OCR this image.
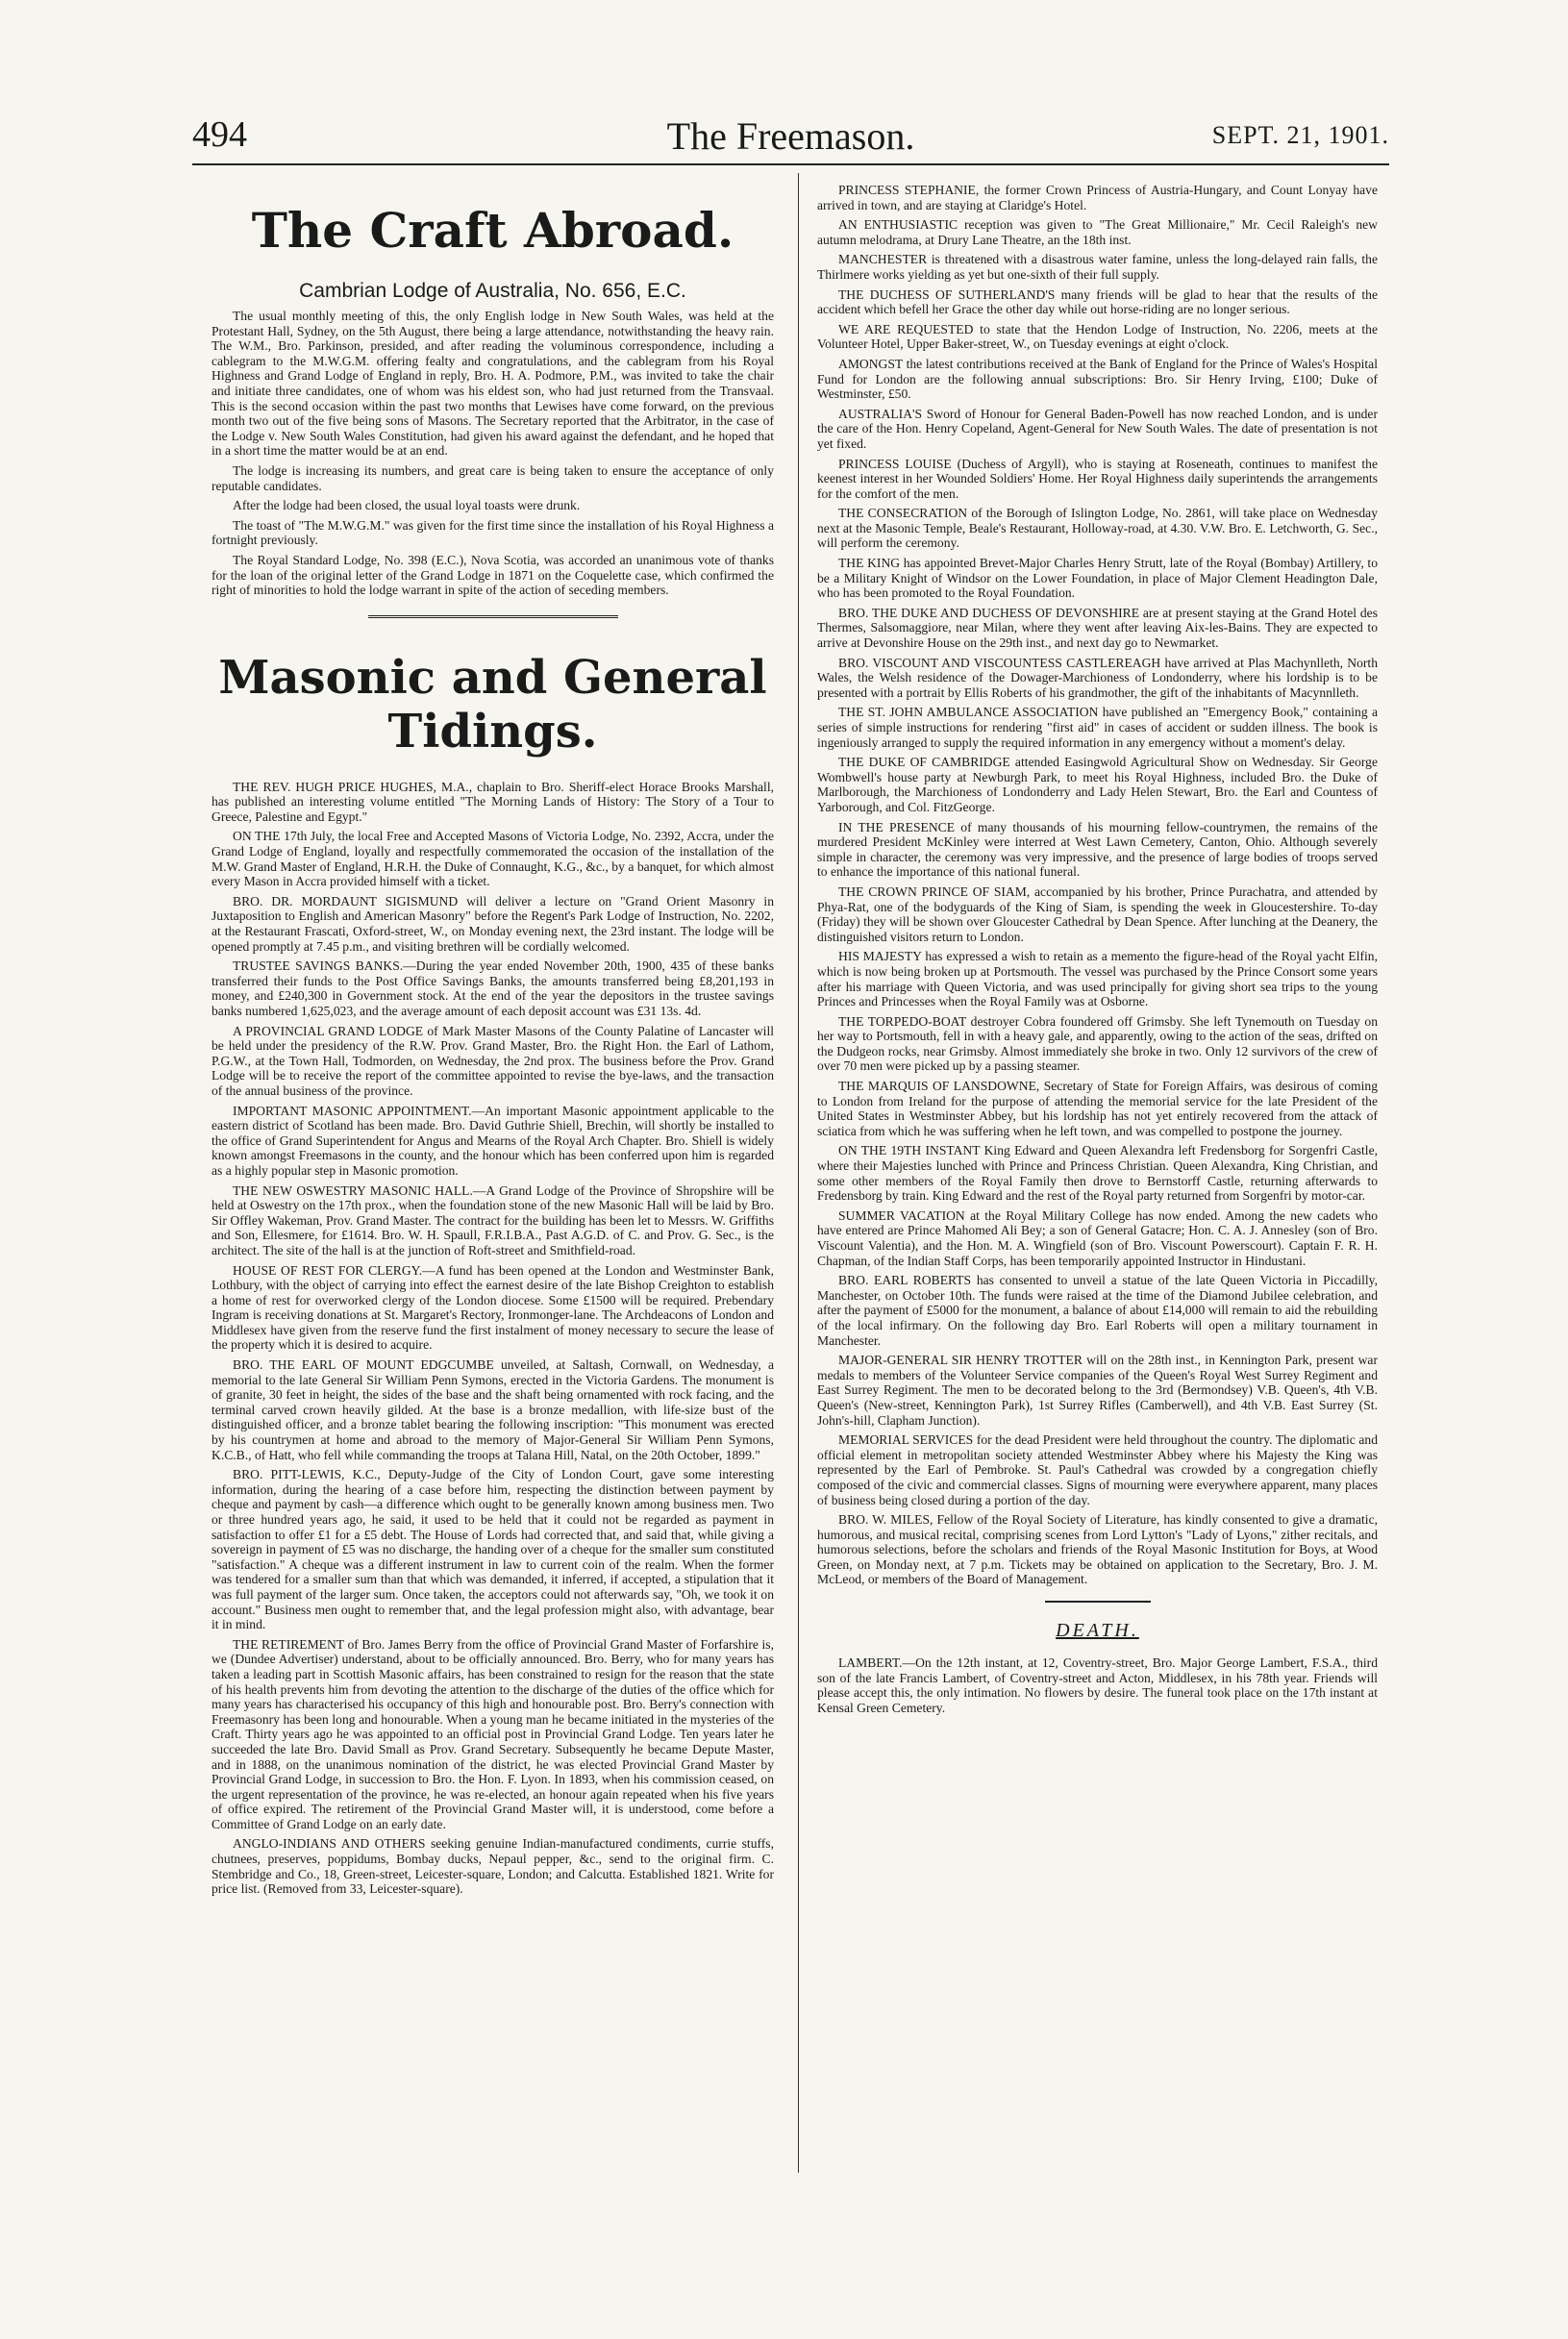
494	The Freemason.	SEPT. 21, 1901.
The Craft Abroad.
Cambrian Lodge of Australia, No. 656, E.C.

The usual monthly meeting of this, the only English lodge in New South Wales, was held at the Protestant Hall, Sydney, on the 5th August, there being a large attendance, notwithstanding the heavy rain. The W.M., Bro. Parkinson, presided, and after reading the voluminous correspondence, including a cablegram to the M.W.G.M. offering fealty and congratulations, and the cablegram from his Royal Highness and Grand Lodge of England in reply, Bro. H. A. Podmore, P.M., was invited to take the chair and initiate three candidates, one of whom was his eldest son, who had just returned from the Transvaal. This is the second occasion within the past two months that Lewises have come forward, on the previous month two out of the five being sons of Masons. The Secretary reported that the Arbitrator, in the case of the Lodge v. New South Wales Constitution, had given his award against the defendant, and he hoped that in a short time the matter would be at an end.

The lodge is increasing its numbers, and great care is being taken to ensure the acceptance of only reputable candidates.

After the lodge had been closed, the usual loyal toasts were drunk.

The toast of "The M.W.G.M." was given for the first time since the installation of his Royal Highness a fortnight previously.

The Royal Standard Lodge, No. 398 (E.C.), Nova Scotia, was accorded an unanimous vote of thanks for the loan of the original letter of the Grand Lodge in 1871 on the Coquelette case, which confirmed the right of minorities to hold the lodge warrant in spite of the action of seceding members.

Masonic and General Tidings.

THE REV. HUGH PRICE HUGHES, M.A., chaplain to Bro. Sheriff-elect Horace Brooks Marshall, has published an interesting volume entitled "The Morning Lands of History: The Story of a Tour to Greece, Palestine and Egypt."

ON THE 17th July, the local Free and Accepted Masons of Victoria Lodge, No. 2392, Accra, under the Grand Lodge of England, loyally and respectfully commemorated the occasion of the installation of the M.W. Grand Master of England, H.R.H. the Duke of Connaught, K.G., &c., by a banquet, for which almost every Mason in Accra provided himself with a ticket.

BRO. DR. MORDAUNT SIGISMUND will deliver a lecture on "Grand Orient Masonry in Juxtaposition to English and American Masonry" before the Regent's Park Lodge of Instruction, No. 2202, at the Restaurant Frascati, Oxford-street, W., on Monday evening next, the 23rd instant. The lodge will be opened promptly at 7.45 p.m., and visiting brethren will be cordially welcomed.

TRUSTEE SAVINGS BANKS.—During the year ended November 20th, 1900, 435 of these banks transferred their funds to the Post Office Savings Banks, the amounts transferred being £8,201,193 in money, and £240,300 in Government stock. At the end of the year the depositors in the trustee savings banks numbered 1,625,023, and the average amount of each deposit account was £31 13s. 4d.

A PROVINCIAL GRAND LODGE of Mark Master Masons of the County Palatine of Lancaster will be held under the presidency of the R.W. Prov. Grand Master, Bro. the Right Hon. the Earl of Lathom, P.G.W., at the Town Hall, Todmorden, on Wednesday, the 2nd prox. The business before the Prov. Grand Lodge will be to receive the report of the committee appointed to revise the bye-laws, and the transaction of the annual business of the province.

IMPORTANT MASONIC APPOINTMENT.—An important Masonic appointment applicable to the eastern district of Scotland has been made. Bro. David Guthrie Shiell, Brechin, will shortly be installed to the office of Grand Superintendent for Angus and Mearns of the Royal Arch Chapter. Bro. Shiell is widely known amongst Freemasons in the county, and the honour which has been conferred upon him is regarded as a highly popular step in Masonic promotion.

THE NEW OSWESTRY MASONIC HALL.—A Grand Lodge of the Province of Shropshire will be held at Oswestry on the 17th prox., when the foundation stone of the new Masonic Hall will be laid by Bro. Sir Offley Wakeman, Prov. Grand Master. The contract for the building has been let to Messrs. W. Griffiths and Son, Ellesmere, for £1614. Bro. W. H. Spaull, F.R.I.B.A., Past A.G.D. of C. and Prov. G. Sec., is the architect. The site of the hall is at the junction of Roft-street and Smithfield-road.

HOUSE OF REST FOR CLERGY.—A fund has been opened at the London and Westminster Bank, Lothbury, with the object of carrying into effect the earnest desire of the late Bishop Creighton to establish a home of rest for overworked clergy of the London diocese. Some £1500 will be required. Prebendary Ingram is receiving donations at St. Margaret's Rectory, Ironmonger-lane. The Archdeacons of London and Middlesex have given from the reserve fund the first instalment of money necessary to secure the lease of the property which it is desired to acquire.

BRO. THE EARL OF MOUNT EDGCUMBE unveiled, at Saltash, Cornwall, on Wednesday, a memorial to the late General Sir William Penn Symons, erected in the Victoria Gardens. The monument is of granite, 30 feet in height, the sides of the base and the shaft being ornamented with rock facing, and the terminal carved crown heavily gilded. At the base is a bronze medallion, with life-size bust of the distinguished officer, and a bronze tablet bearing the following inscription: "This monument was erected by his countrymen at home and abroad to the memory of Major-General Sir William Penn Symons, K.C.B., of Hatt, who fell while commanding the troops at Talana Hill, Natal, on the 20th October, 1899."

BRO. PITT-LEWIS, K.C., Deputy-Judge of the City of London Court, gave some interesting information, during the hearing of a case before him, respecting the distinction between payment by cheque and payment by cash—a difference which ought to be generally known among business men. Two or three hundred years ago, he said, it used to be held that it could not be regarded as payment in satisfaction to offer £1 for a £5 debt. The House of Lords had corrected that, and said that, while giving a sovereign in payment of £5 was no discharge, the handing over of a cheque for the smaller sum constituted "satisfaction." A cheque was a different instrument in law to current coin of the realm. When the former was tendered for a smaller sum than that which was demanded, it inferred, if accepted, a stipulation that it was full payment of the larger sum. Once taken, the acceptors could not afterwards say, "Oh, we took it on account." Business men ought to remember that, and the legal profession might also, with advantage, bear it in mind.

THE RETIREMENT of Bro. James Berry from the office of Provincial Grand Master of Forfarshire is, we (Dundee Advertiser) understand, about to be officially announced. Bro. Berry, who for many years has taken a leading part in Scottish Masonic affairs, has been constrained to resign for the reason that the state of his health prevents him from devoting the attention to the discharge of the duties of the office which for many years has characterised his occupancy of this high and honourable post. Bro. Berry's connection with Freemasonry has been long and honourable. When a young man he became initiated in the mysteries of the Craft. Thirty years ago he was appointed to an official post in Provincial Grand Lodge. Ten years later he succeeded the late Bro. David Small as Prov. Grand Secretary. Subsequently he became Depute Master, and in 1888, on the unanimous nomination of the district, he was elected Provincial Grand Master by Provincial Grand Lodge, in succession to Bro. the Hon. F. Lyon. In 1893, when his commission ceased, on the urgent representation of the province, he was re-elected, an honour again repeated when his five years of office expired. The retirement of the Provincial Grand Master will, it is understood, come before a Committee of Grand Lodge on an early date.

ANGLO-INDIANS AND OTHERS seeking genuine Indian-manufactured condiments, currie stuffs, chutnees, preserves, poppidums, Bombay ducks, Nepaul pepper, &c., send to the original firm. C. Stembridge and Co., 18, Green-street, Leicester-square, London; and Calcutta. Established 1821. Write for price list. (Removed from 33, Leicester-square).

PRINCESS STEPHANIE, the former Crown Princess of Austria-Hungary, and Count Lonyay have arrived in town, and are staying at Claridge's Hotel.

AN ENTHUSIASTIC reception was given to "The Great Millionaire," Mr. Cecil Raleigh's new autumn melodrama, at Drury Lane Theatre, an the 18th inst.

MANCHESTER is threatened with a disastrous water famine, unless the long-delayed rain falls, the Thirlmere works yielding as yet but one-sixth of their full supply.

THE DUCHESS OF SUTHERLAND'S many friends will be glad to hear that the results of the accident which befell her Grace the other day while out horse-riding are no longer serious.

WE ARE REQUESTED to state that the Hendon Lodge of Instruction, No. 2206, meets at the Volunteer Hotel, Upper Baker-street, W., on Tuesday evenings at eight o'clock.

AMONGST the latest contributions received at the Bank of England for the Prince of Wales's Hospital Fund for London are the following annual subscriptions: Bro. Sir Henry Irving, £100; Duke of Westminster, £50.

AUSTRALIA'S Sword of Honour for General Baden-Powell has now reached London, and is under the care of the Hon. Henry Copeland, Agent-General for New South Wales. The date of presentation is not yet fixed.

PRINCESS LOUISE (Duchess of Argyll), who is staying at Roseneath, continues to manifest the keenest interest in her Wounded Soldiers' Home. Her Royal Highness daily superintends the arrangements for the comfort of the men.

THE CONSECRATION of the Borough of Islington Lodge, No. 2861, will take place on Wednesday next at the Masonic Temple, Beale's Restaurant, Holloway-road, at 4.30. V.W. Bro. E. Letchworth, G. Sec., will perform the ceremony.

THE KING has appointed Brevet-Major Charles Henry Strutt, late of the Royal (Bombay) Artillery, to be a Military Knight of Windsor on the Lower Foundation, in place of Major Clement Headington Dale, who has been promoted to the Royal Foundation.

BRO. THE DUKE AND DUCHESS OF DEVONSHIRE are at present staying at the Grand Hotel des Thermes, Salsomaggiore, near Milan, where they went after leaving Aix-les-Bains. They are expected to arrive at Devonshire House on the 29th inst., and next day go to Newmarket.

BRO. VISCOUNT AND VISCOUNTESS CASTLEREAGH have arrived at Plas Machynlleth, North Wales, the Welsh residence of the Dowager-Marchioness of Londonderry, where his lordship is to be presented with a portrait by Ellis Roberts of his grandmother, the gift of the inhabitants of Macynnlleth.

THE ST. JOHN AMBULANCE ASSOCIATION have published an "Emergency Book," containing a series of simple instructions for rendering "first aid" in cases of accident or sudden illness. The book is ingeniously arranged to supply the required information in any emergency without a moment's delay.

THE DUKE OF CAMBRIDGE attended Easingwold Agricultural Show on Wednesday. Sir George Wombwell's house party at Newburgh Park, to meet his Royal Highness, included Bro. the Duke of Marlborough, the Marchioness of Londonderry and Lady Helen Stewart, Bro. the Earl and Countess of Yarborough, and Col. FitzGeorge.

IN THE PRESENCE of many thousands of his mourning fellow-countrymen, the remains of the murdered President McKinley were interred at West Lawn Cemetery, Canton, Ohio. Although severely simple in character, the ceremony was very impressive, and the presence of large bodies of troops served to enhance the importance of this national funeral.

THE CROWN PRINCE OF SIAM, accompanied by his brother, Prince Purachatra, and attended by Phya-Rat, one of the bodyguards of the King of Siam, is spending the week in Gloucestershire. To-day (Friday) they will be shown over Gloucester Cathedral by Dean Spence. After lunching at the Deanery, the distinguished visitors return to London.

HIS MAJESTY has expressed a wish to retain as a memento the figure-head of the Royal yacht Elfin, which is now being broken up at Portsmouth. The vessel was purchased by the Prince Consort some years after his marriage with Queen Victoria, and was used principally for giving short sea trips to the young Princes and Princesses when the Royal Family was at Osborne.

THE TORPEDO-BOAT destroyer Cobra foundered off Grimsby. She left Tynemouth on Tuesday on her way to Portsmouth, fell in with a heavy gale, and apparently, owing to the action of the seas, drifted on the Dudgeon rocks, near Grimsby. Almost immediately she broke in two. Only 12 survivors of the crew of over 70 men were picked up by a passing steamer.

THE MARQUIS OF LANSDOWNE, Secretary of State for Foreign Affairs, was desirous of coming to London from Ireland for the purpose of attending the memorial service for the late President of the United States in Westminster Abbey, but his lordship has not yet entirely recovered from the attack of sciatica from which he was suffering when he left town, and was compelled to postpone the journey.

ON THE 19TH INSTANT King Edward and Queen Alexandra left Fredensborg for Sorgenfri Castle, where their Majesties lunched with Prince and Princess Christian. Queen Alexandra, King Christian, and some other members of the Royal Family then drove to Bernstorff Castle, returning afterwards to Fredensborg by train. King Edward and the rest of the Royal party returned from Sorgenfri by motor-car.

SUMMER VACATION at the Royal Military College has now ended. Among the new cadets who have entered are Prince Mahomed Ali Bey; a son of General Gatacre; Hon. C. A. J. Annesley (son of Bro. Viscount Valentia), and the Hon. M. A. Wingfield (son of Bro. Viscount Powerscourt). Captain F. R. H. Chapman, of the Indian Staff Corps, has been temporarily appointed Instructor in Hindustani.

BRO. EARL ROBERTS has consented to unveil a statue of the late Queen Victoria in Piccadilly, Manchester, on October 10th. The funds were raised at the time of the Diamond Jubilee celebration, and after the payment of £5000 for the monument, a balance of about £14,000 will remain to aid the rebuilding of the local infirmary. On the following day Bro. Earl Roberts will open a military tournament in Manchester.

MAJOR-GENERAL SIR HENRY TROTTER will on the 28th inst., in Kennington Park, present war medals to members of the Volunteer Service companies of the Queen's Royal West Surrey Regiment and East Surrey Regiment. The men to be decorated belong to the 3rd (Bermondsey) V.B. Queen's, 4th V.B. Queen's (New-street, Kennington Park), 1st Surrey Rifles (Camberwell), and 4th V.B. East Surrey (St. John's-hill, Clapham Junction).

MEMORIAL SERVICES for the dead President were held throughout the country. The diplomatic and official element in metropolitan society attended Westminster Abbey where his Majesty the King was represented by the Earl of Pembroke. St. Paul's Cathedral was crowded by a congregation chiefly composed of the civic and commercial classes. Signs of mourning were everywhere apparent, many places of business being closed during a portion of the day.

BRO. W. MILES, Fellow of the Royal Society of Literature, has kindly consented to give a dramatic, humorous, and musical recital, comprising scenes from Lord Lytton's "Lady of Lyons," zither recitals, and humorous selections, before the scholars and friends of the Royal Masonic Institution for Boys, at Wood Green, on Monday next, at 7 p.m. Tickets may be obtained on application to the Secretary, Bro. J. M. McLeod, or members of the Board of Management.

DEATH.

LAMBERT.—On the 12th instant, at 12, Coventry-street, Bro. Major George Lambert, F.S.A., third son of the late Francis Lambert, of Coventry-street and Acton, Middlesex, in his 78th year. Friends will please accept this, the only intimation. No flowers by desire. The funeral took place on the 17th instant at Kensal Green Cemetery.
